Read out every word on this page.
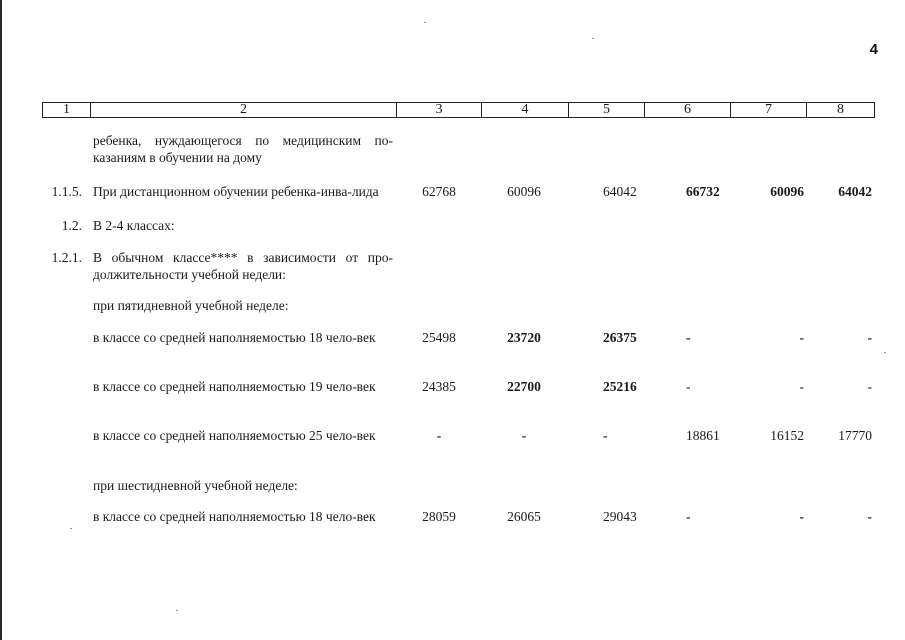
4
1	2	3	4	5	6	7	8
ребенка, нуждающегося по медицинским по-казаниям в обучении на дому
1.1.5. При дистанционном обучении ребенка-инва-лида	62768	60096	64042	66732	60096	64042
1.2. В 2-4 классах:
1.2.1. В обычном классе**** в зависимости от про-должительности учебной недели:
при пятидневной учебной неделе:
в классе со средней наполняемостью 18 чело-век	25498	23720	26375	-	-	-
в классе со средней наполняемостью 19 чело-век	24385	22700	25216	-	-	-
в классе со средней наполняемостью 25 чело-век	-	-	-	18861	16152	17770
при шестидневной учебной неделе:
в классе со средней наполняемостью 18 чело-век	28059	26065	29043	-	-	-
